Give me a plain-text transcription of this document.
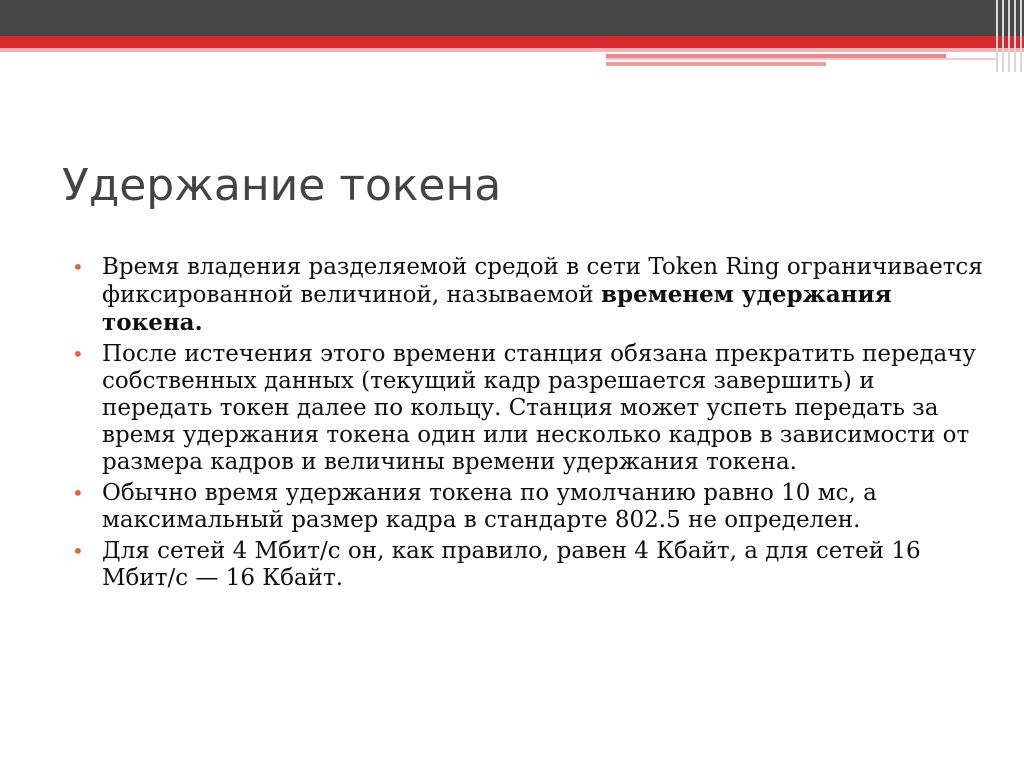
Удержание токена
• Время владения разделяемой средой в сети Token Ring ограничивается фиксированной величиной, называемой временем удержания токена.
• После истечения этого времени станция обязана прекратить передачу собственных данных (текущий кадр разрешается завершить) и передать токен далее по кольцу. Станция может успеть передать за время удержания токена один или несколько кадров в зависимости от размера кадров и величины времени удержания токена.
• Обычно время удержания токена по умолчанию равно 10 мс, а максимальный размер кадра в стандарте 802.5 не определен.
• Для сетей 4 Мбит/с он, как правило, равен 4 Кбайт, а для сетей 16 Мбит/с — 16 Кбайт.
